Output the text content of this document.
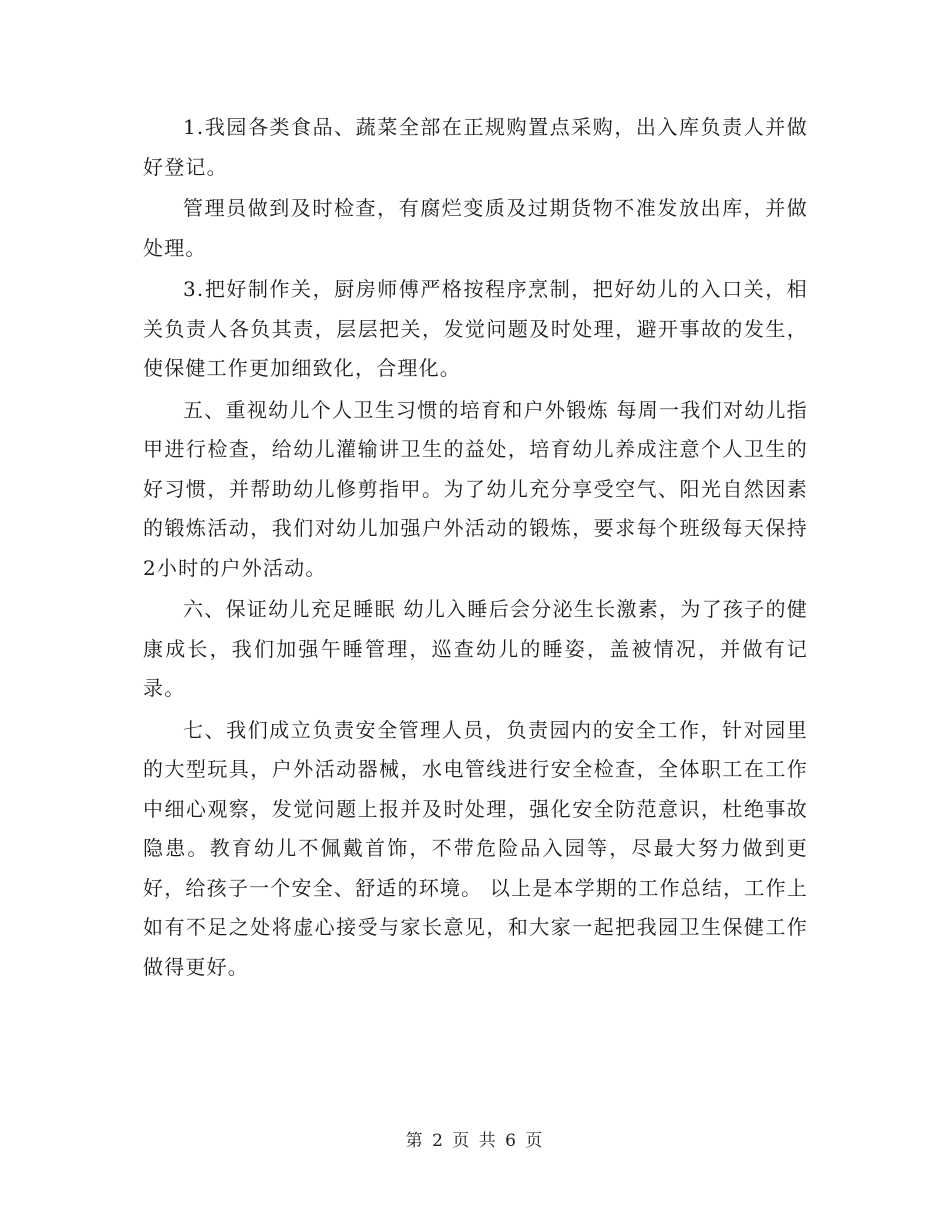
1.我园各类食品、蔬菜全部在正规购置点采购，出入库负责人并做好登记。

管理员做到及时检查，有腐烂变质及过期货物不准发放出库，并做处理。

3.把好制作关，厨房师傅严格按程序烹制，把好幼儿的入口关，相关负责人各负其责，层层把关，发觉问题及时处理，避开事故的发生，使保健工作更加细致化，合理化。

五、重视幼儿个人卫生习惯的培育和户外锻炼 每周一我们对幼儿指甲进行检查，给幼儿灌输讲卫生的益处，培育幼儿养成注意个人卫生的好习惯，并帮助幼儿修剪指甲。为了幼儿充分享受空气、阳光自然因素的锻炼活动，我们对幼儿加强户外活动的锻炼，要求每个班级每天保持2小时的户外活动。

六、保证幼儿充足睡眠 幼儿入睡后会分泌生长激素，为了孩子的健康成长，我们加强午睡管理，巡查幼儿的睡姿，盖被情况，并做有记录。

七、我们成立负责安全管理人员，负责园内的安全工作，针对园里的大型玩具，户外活动器械，水电管线进行安全检查，全体职工在工作中细心观察，发觉问题上报并及时处理，强化安全防范意识，杜绝事故隐患。教育幼儿不佩戴首饰，不带危险品入园等，尽最大努力做到更好，给孩子一个安全、舒适的环境。 以上是本学期的工作总结，工作上如有不足之处将虚心接受与家长意见，和大家一起把我园卫生保健工作做得更好。

第 2 页 共 6 页
